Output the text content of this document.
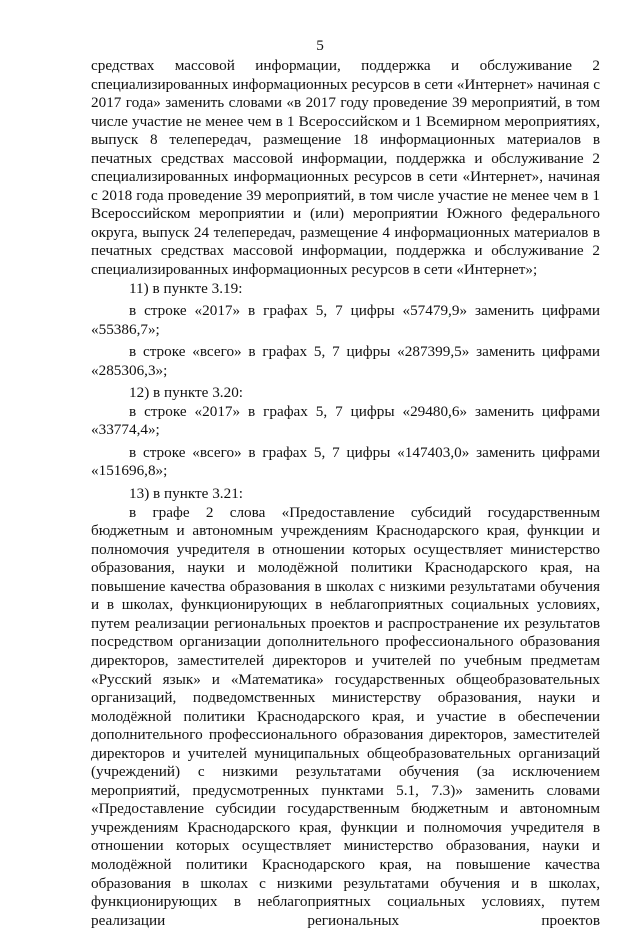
5

средствах массовой информации, поддержка и обслуживание 2 специализированных информационных ресурсов в сети «Интернет» начиная с 2017 года» заменить словами «в 2017 году проведение 39 мероприятий, в том числе участие не менее чем в 1 Всероссийском и 1 Всемирном мероприятиях, выпуск 8 телепередач, размещение 18 информационных материалов в печатных средствах массовой информации, поддержка и обслуживание 2 специализированных информационных ресурсов в сети «Интернет», начиная с 2018 года проведение 39 мероприятий, в том числе участие не менее чем в 1 Всероссийском мероприятии и (или) мероприятии Южного федерального округа, выпуск 24 телепередач, размещение 4 информационных материалов в печатных средствах массовой информации, поддержка и обслуживание 2 специализированных информационных ресурсов в сети «Интернет»;

11) в пункте 3.19:

в строке «2017» в графах 5, 7 цифры «57479,9» заменить цифрами «55386,7»;

в строке «всего» в графах 5, 7 цифры «287399,5» заменить цифрами «285306,3»;

12) в пункте 3.20:

в строке «2017» в графах 5, 7 цифры «29480,6» заменить цифрами «33774,4»;

в строке «всего» в графах 5, 7 цифры «147403,0» заменить цифрами «151696,8»;

13) в пункте 3.21:

в графе 2 слова «Предоставление субсидий государственным бюджетным и автономным учреждениям Краснодарского края, функции и полномочия учредителя в отношении которых осуществляет министерство образования, науки и молодёжной политики Краснодарского края, на повышение качества образования в школах с низкими результатами обучения и в школах, функционирующих в неблагоприятных социальных условиях, путем реализации региональных проектов и распространение их результатов посредством организации дополнительного профессионального образования директоров, заместителей директоров и учителей по учебным предметам «Русский язык» и «Математика» государственных общеобразовательных организаций, подведомственных министерству образования, науки и молодёжной политики Краснодарского края, и участие в обеспечении дополнительного профессионального образования директоров, заместителей директоров и учителей муниципальных общеобразовательных организаций (учреждений) с низкими результатами обучения (за исключением мероприятий, предусмотренных пунктами 5.1, 7.3)» заменить словами «Предоставление субсидии государственным бюджетным и автономным учреждениям Краснодарского края, функции и полномочия учредителя в отношении которых осуществляет министерство образования, науки и молодёжной политики Краснодарского края, на повышение качества образования в школах с низкими результатами обучения и в школах, функционирующих в неблагоприятных социальных условиях, путем реализации региональных проектов
